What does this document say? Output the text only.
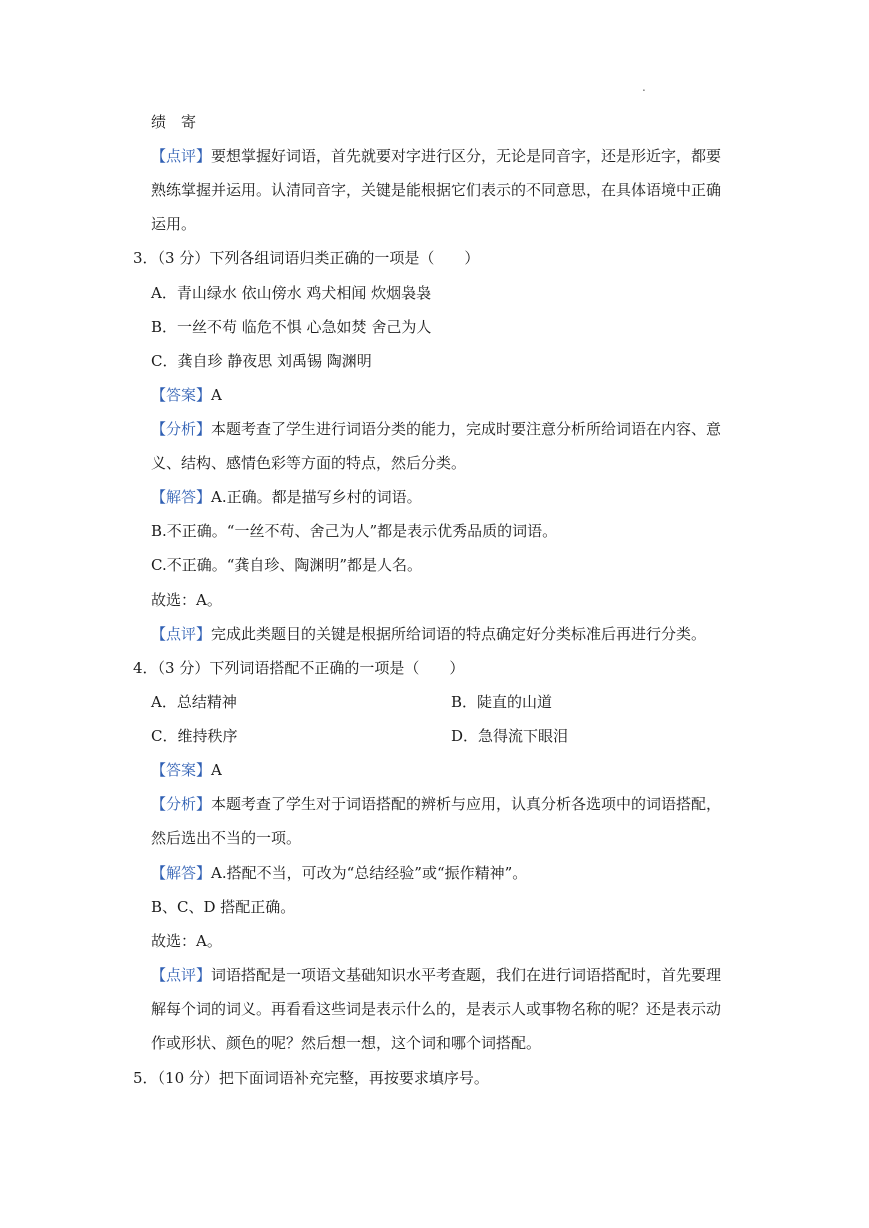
.
绩　寄
【点评】要想掌握好词语，首先就要对字进行区分，无论是同音字，还是形近字，都要
熟练掌握并运用。认清同音字，关键是能根据它们表示的不同意思，在具体语境中正确
运用。
3．（3 分）下列各组词语归类正确的一项是（　　）
A．青山绿水 依山傍水 鸡犬相闻 炊烟袅袅
B．一丝不苟 临危不惧 心急如焚 舍己为人
C．龚自珍 静夜思 刘禹锡 陶渊明
【答案】A
【分析】本题考查了学生进行词语分类的能力，完成时要注意分析所给词语在内容、意
义、结构、感情色彩等方面的特点，然后分类。
【解答】A.正确。都是描写乡村的词语。
B.不正确。“一丝不苟、舍己为人”都是表示优秀品质的词语。
C.不正确。“龚自珍、陶渊明”都是人名。
故选：A。
【点评】完成此类题目的关键是根据所给词语的特点确定好分类标准后再进行分类。
4．（3 分）下列词语搭配不正确的一项是（　　）
A．总结精神	B．陡直的山道
C．维持秩序	D．急得流下眼泪
【答案】A
【分析】本题考查了学生对于词语搭配的辨析与应用，认真分析各选项中的词语搭配，
然后选出不当的一项。
【解答】A.搭配不当，可改为“总结经验”或“振作精神”。
B、C、D 搭配正确。
故选：A。
【点评】词语搭配是一项语文基础知识水平考查题，我们在进行词语搭配时，首先要理
解每个词的词义。再看看这些词是表示什么的，是表示人或事物名称的呢？还是表示动
作或形状、颜色的呢？然后想一想，这个词和哪个词搭配。
5．（10 分）把下面词语补充完整，再按要求填序号。
